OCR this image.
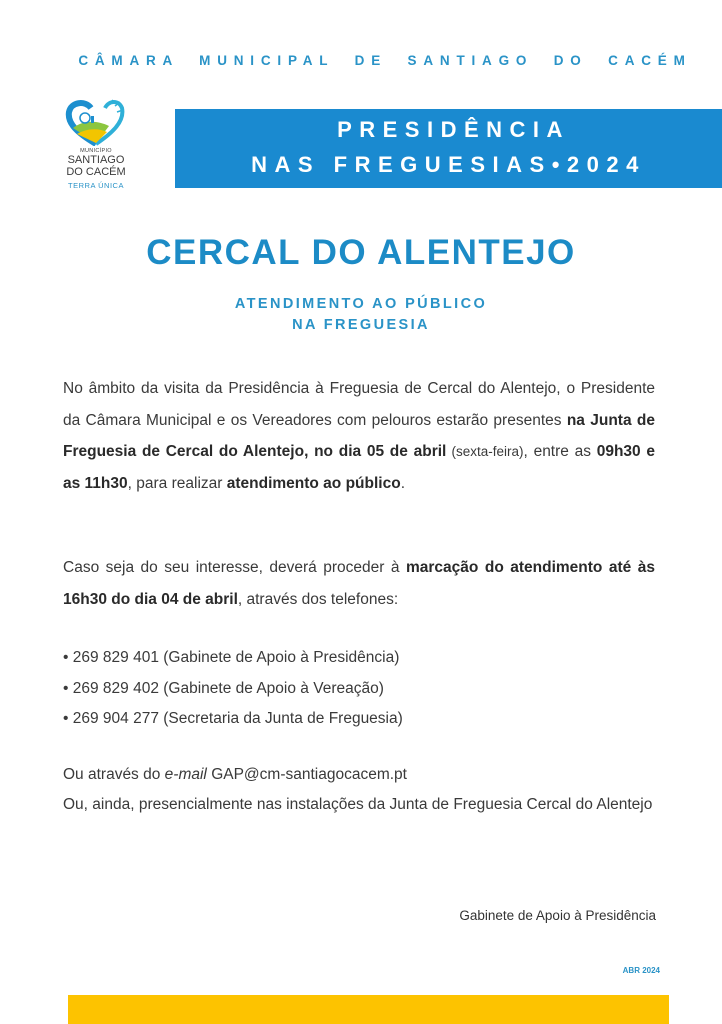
CÂMARA MUNICIPAL DE SANTIAGO DO CACÉM
MUNICÍPIO
SANTIAGO
DO CACÉM
TERRA ÚNICA
PRESIDÊNCIA
NAS FREGUESIAS•2024
CERCAL DO ALENTEJO
ATENDIMENTO AO PÚBLICO
NA FREGUESIA
No âmbito da visita da Presidência à Freguesia de Cercal do Alentejo, o Presidente da Câmara Municipal e os Vereadores com pelouros estarão presentes na Junta de Freguesia de Cercal do Alentejo, no dia 05 de abril (sexta-feira), entre as 09h30 e as 11h30, para realizar atendimento ao público.
Caso seja do seu interesse, deverá proceder à marcação do atendimento até às 16h30 do dia 04 de abril, através dos telefones:
• 269 829 401 (Gabinete de Apoio à Presidência)
• 269 829 402 (Gabinete de Apoio à Vereação)
• 269 904 277 (Secretaria da Junta de Freguesia)
Ou através do e-mail GAP@cm-santiagocacem.pt
Ou, ainda, presencialmente nas instalações da Junta de Freguesia Cercal do Alentejo
Gabinete de Apoio à Presidência
ABR 2024
